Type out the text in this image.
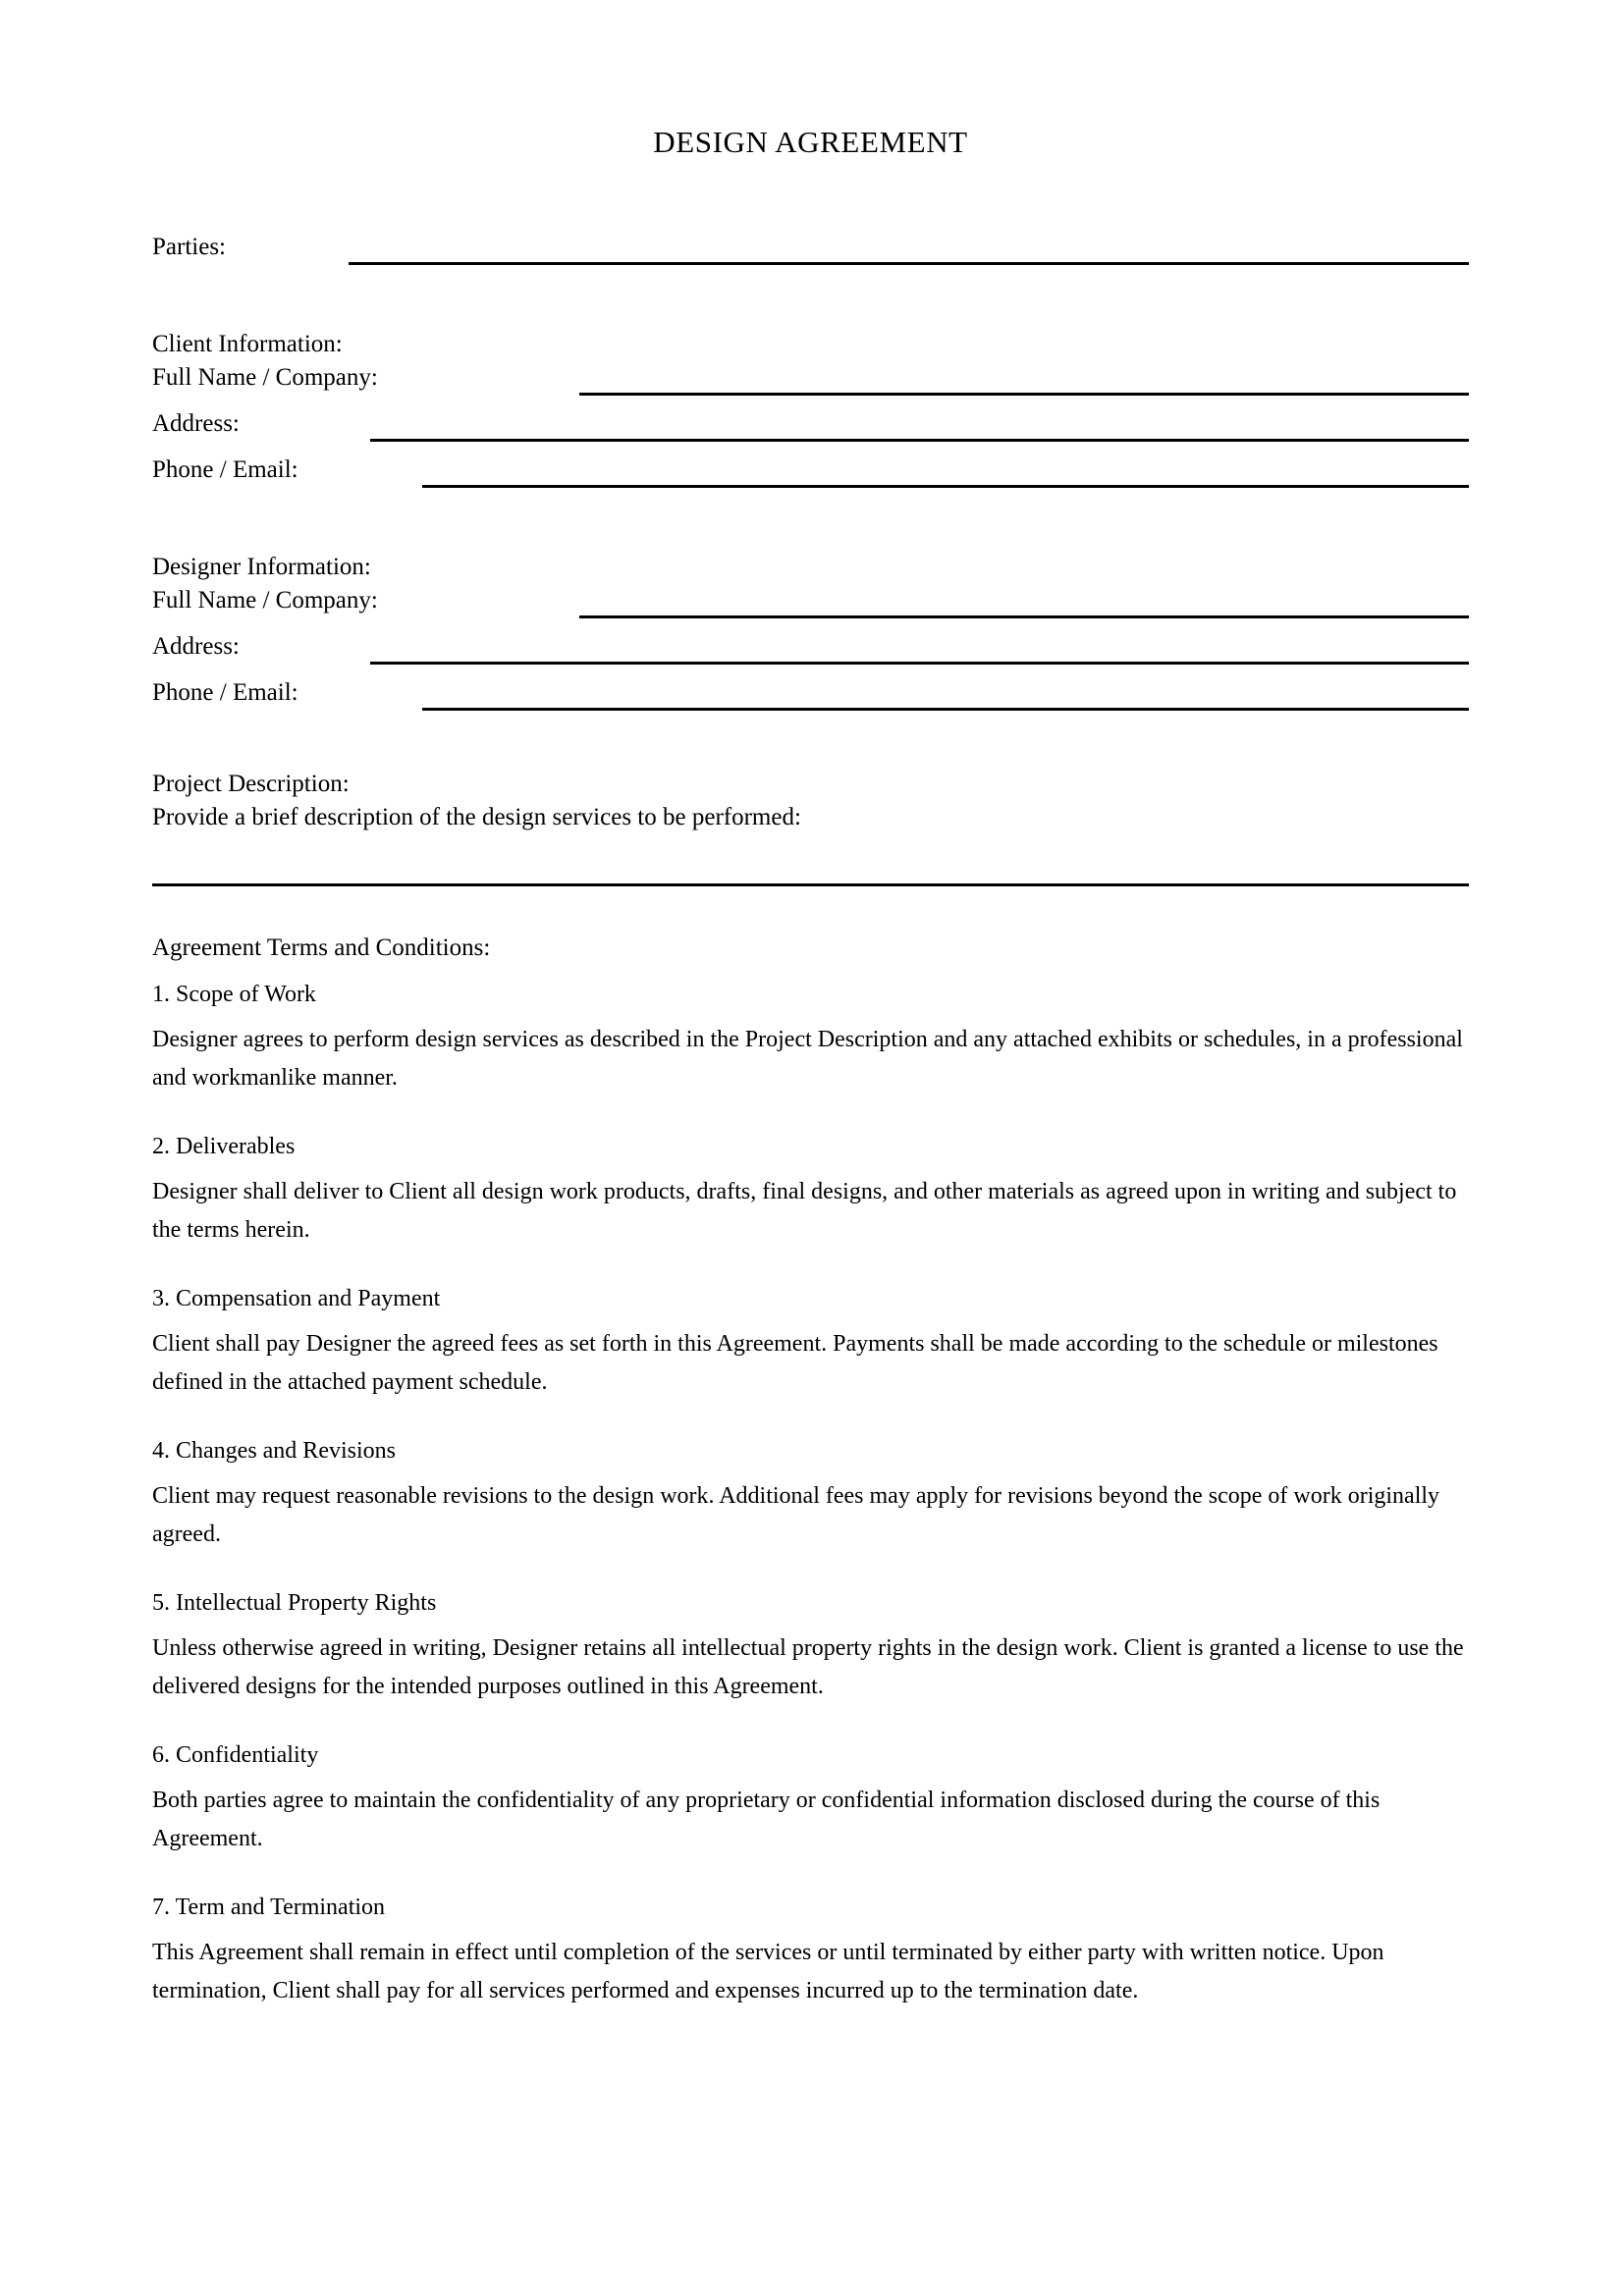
DESIGN AGREEMENT
Parties:
Client Information:
Full Name / Company:
Address:
Phone / Email:
Designer Information:
Full Name / Company:
Address:
Phone / Email:
Project Description:
Provide a brief description of the design services to be performed:
Agreement Terms and Conditions:
1. Scope of Work
Designer agrees to perform design services as described in the Project Description and any attached exhibits or schedules, in a professional and workmanlike manner.
2. Deliverables
Designer shall deliver to Client all design work products, drafts, final designs, and other materials as agreed upon in writing and subject to the terms herein.
3. Compensation and Payment
Client shall pay Designer the agreed fees as set forth in this Agreement. Payments shall be made according to the schedule or milestones defined in the attached payment schedule.
4. Changes and Revisions
Client may request reasonable revisions to the design work. Additional fees may apply for revisions beyond the scope of work originally agreed.
5. Intellectual Property Rights
Unless otherwise agreed in writing, Designer retains all intellectual property rights in the design work. Client is granted a license to use the delivered designs for the intended purposes outlined in this Agreement.
6. Confidentiality
Both parties agree to maintain the confidentiality of any proprietary or confidential information disclosed during the course of this Agreement.
7. Term and Termination
This Agreement shall remain in effect until completion of the services or until terminated by either party with written notice. Upon termination, Client shall pay for all services performed and expenses incurred up to the termination date.
